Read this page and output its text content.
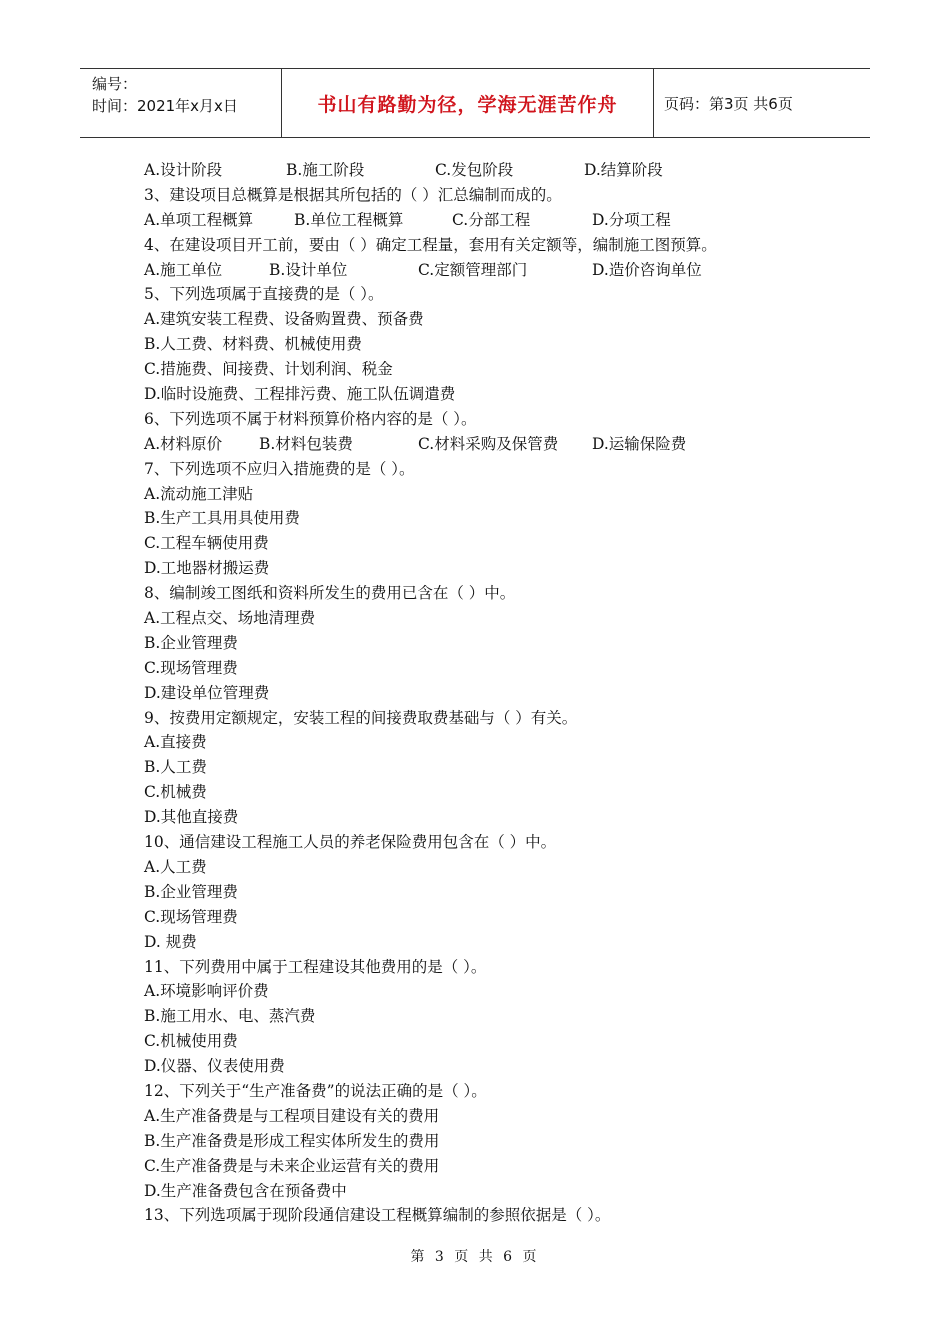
编号：
时间：2021年x月x日	书山有路勤为径，学海无涯苦作舟	页码：第3页 共6页
A.设计阶段	B.施工阶段	C.发包阶段	D.结算阶段
3、建设项目总概算是根据其所包括的（ ）汇总编制而成的。
A.单项工程概算	B.单位工程概算	C.分部工程	D.分项工程
4、在建设项目开工前，要由（ ）确定工程量，套用有关定额等，编制施工图预算。
A.施工单位	B.设计单位	C.定额管理部门	D.造价咨询单位
5、下列选项属于直接费的是（ ）。
A.建筑安装工程费、设备购置费、预备费
B.人工费、材料费、机械使用费
C.措施费、间接费、计划利润、税金
D.临时设施费、工程排污费、施工队伍调遣费
6、下列选项不属于材料预算价格内容的是（ ）。
A.材料原价 B.材料包装费	C.材料采购及保管费 D.运输保险费
7、下列选项不应归入措施费的是（ ）。
A.流动施工津贴
B.生产工具用具使用费
C.工程车辆使用费
D.工地器材搬运费
8、编制竣工图纸和资料所发生的费用已含在（ ）中。
A.工程点交、场地清理费
B.企业管理费
C.现场管理费
D.建设单位管理费
9、按费用定额规定，安装工程的间接费取费基础与（ ）有关。
A.直接费
B.人工费
C.机械费
D.其他直接费
10、通信建设工程施工人员的养老保险费用包含在（ ）中。
A.人工费
B.企业管理费
C.现场管理费
D. 规费
11、下列费用中属于工程建设其他费用的是（ ）。
A.环境影响评价费
B.施工用水、电、蒸汽费
C.机械使用费
D.仪器、仪表使用费
12、下列关于“生产准备费”的说法正确的是（ ）。
A.生产准备费是与工程项目建设有关的费用
B.生产准备费是形成工程实体所发生的费用
C.生产准备费是与未来企业运营有关的费用
D.生产准备费包含在预备费中
13、下列选项属于现阶段通信建设工程概算编制的参照依据是（ ）。
第 3 页 共 6 页
